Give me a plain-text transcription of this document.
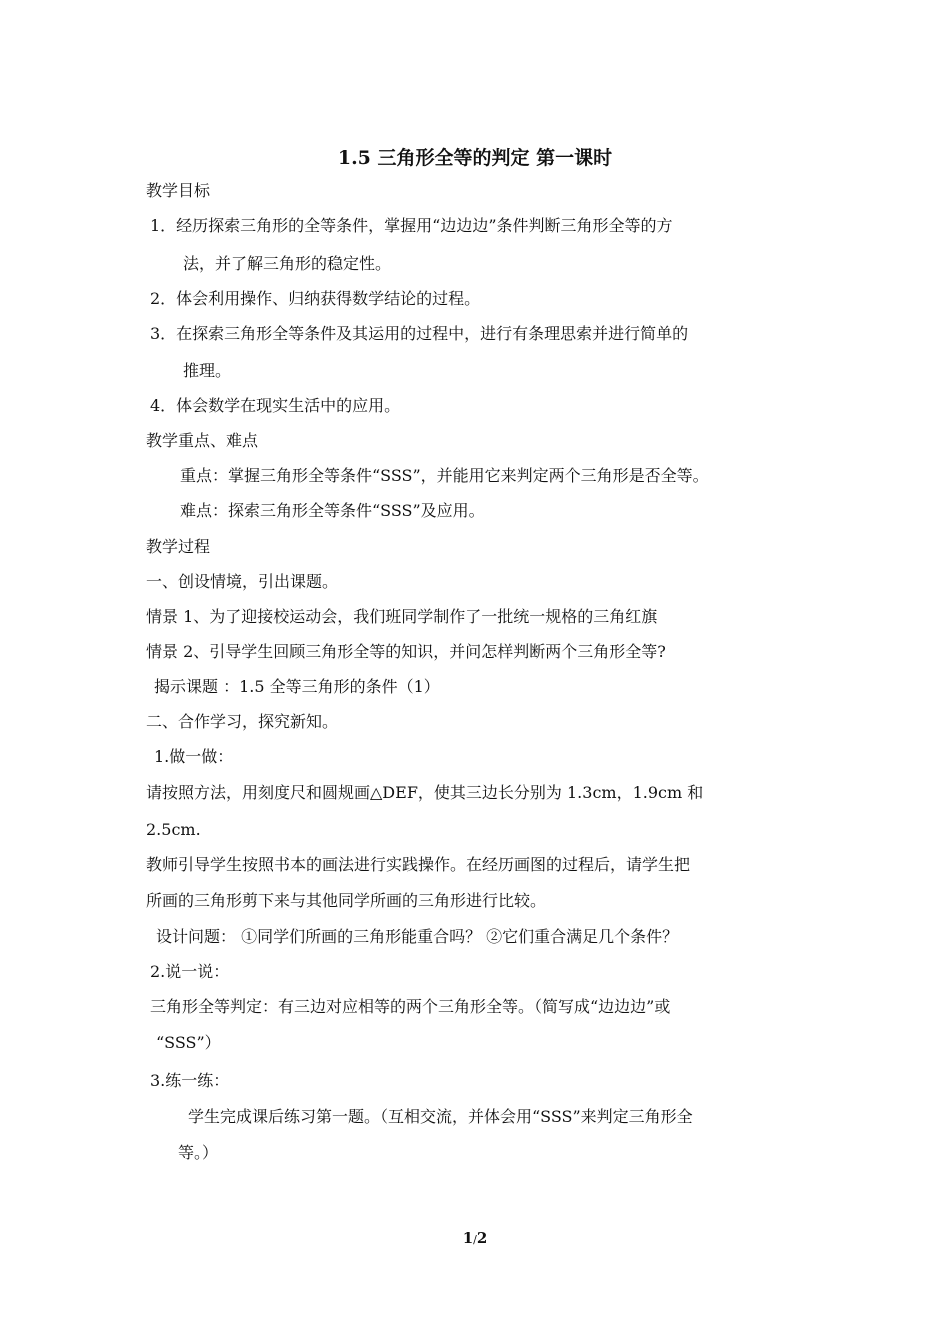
1.5 三角形全等的判定 第一课时
教学目标
1．经历探索三角形的全等条件，掌握用“边边边”条件判断三角形全等的方
法，并了解三角形的稳定性。
2．体会利用操作、归纳获得数学结论的过程。
3．在探索三角形全等条件及其运用的过程中，进行有条理思索并进行简单的
推理。
4．体会数学在现实生活中的应用。
教学重点、难点
重点：掌握三角形全等条件“SSS”，并能用它来判定两个三角形是否全等。
难点：探索三角形全等条件“SSS”及应用。
教学过程
一、创设情境，引出课题。
情景 1、为了迎接校运动会，我们班同学制作了一批统一规格的三角红旗
情景 2、引导学生回顾三角形全等的知识，并问怎样判断两个三角形全等?
揭示课题 ：1.5 全等三角形的条件（1）
二、合作学习，探究新知。
1.做一做：
请按照方法，用刻度尺和圆规画△DEF，使其三边长分别为 1.3cm，1.9cm 和
2.5cm.
教师引导学生按照书本的画法进行实践操作。在经历画图的过程后，请学生把
所画的三角形剪下来与其他同学所画的三角形进行比较。
设计问题： ①同学们所画的三角形能重合吗？ ②它们重合满足几个条件？
2.说一说：
三角形全等判定：有三边对应相等的两个三角形全等。（简写成“边边边”或
“SSS”）
3.练一练：
学生完成课后练习第一题。（互相交流，并体会用“SSS”来判定三角形全
等。）
1/2
